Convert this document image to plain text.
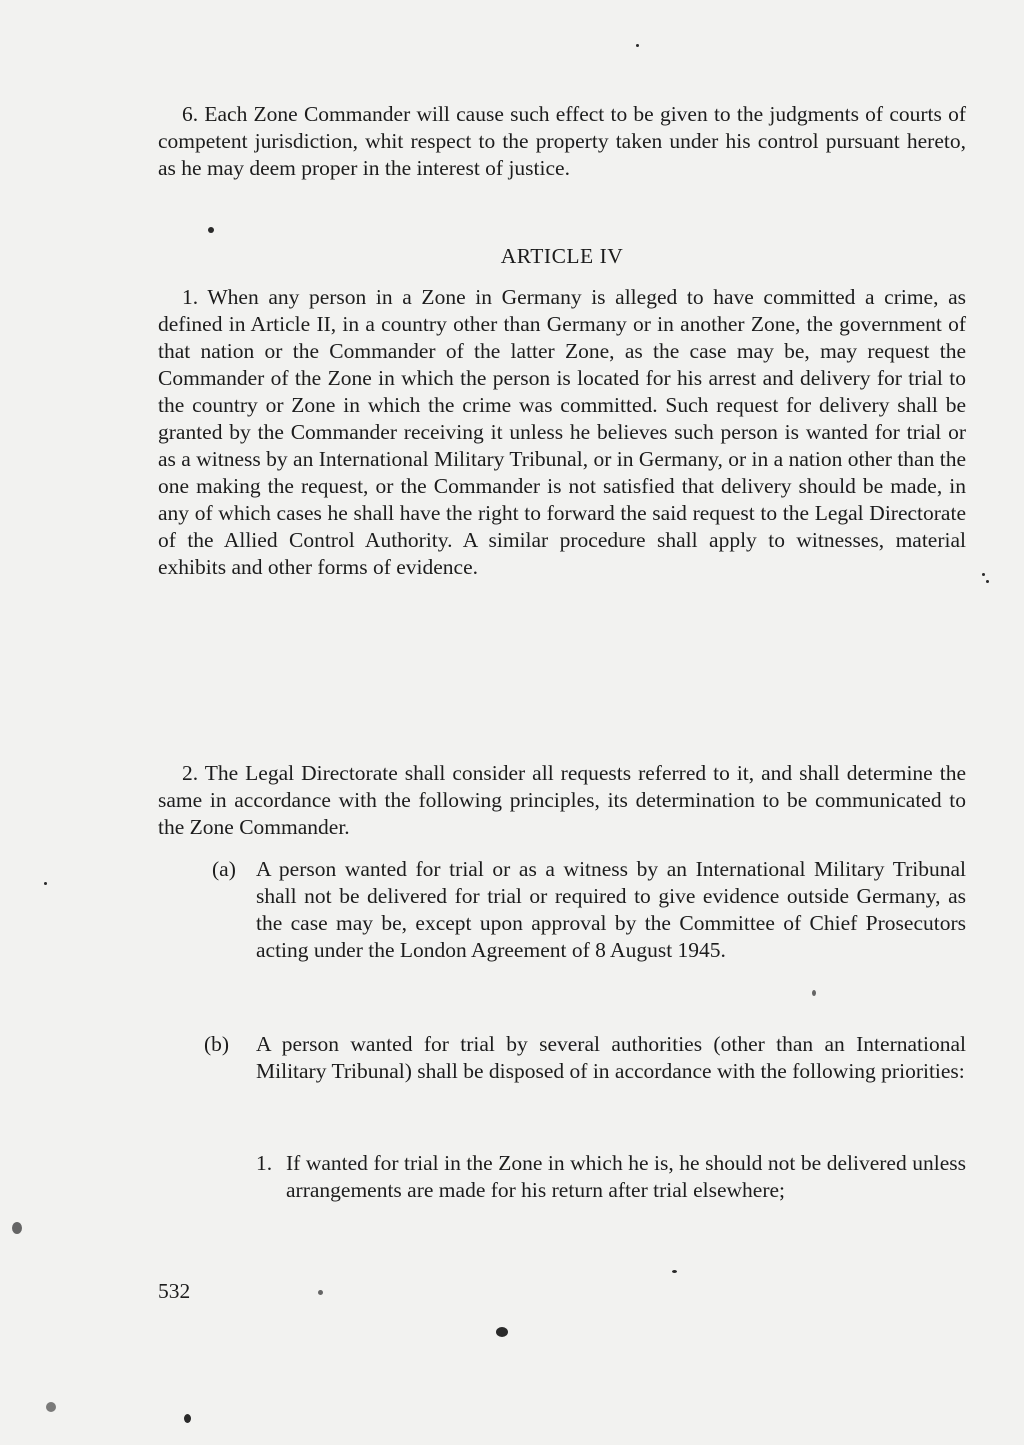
6. Each Zone Commander will cause such effect to be given to the judgments of courts of competent jurisdiction, whit respect to the property taken under his control pursuant hereto, as he may deem proper in the interest of justice.

ARTICLE IV

1. When any person in a Zone in Germany is alleged to have committed a crime, as defined in Article II, in a country other than Germany or in another Zone, the government of that nation or the Commander of the latter Zone, as the case may be, may request the Commander of the Zone in which the person is located for his arrest and delivery for trial to the country or Zone in which the crime was committed. Such request for delivery shall be granted by the Commander receiving it unless he believes such person is wanted for trial or as a witness by an International Military Tribunal, or in Germany, or in a nation other than the one making the request, or the Commander is not satisfied that delivery should be made, in any of which cases he shall have the right to forward the said request to the Legal Directorate of the Allied Control Authority. A similar procedure shall apply to witnesses, material exhibits and other forms of evidence.

2. The Legal Directorate shall consider all requests referred to it, and shall determine the same in accordance with the following principles, its determination to be communicated to the Zone Commander.

(a) A person wanted for trial or as a witness by an International Military Tribunal shall not be delivered for trial or required to give evidence outside Germany, as the case may be, except upon approval by the Committee of Chief Prosecutors acting under the London Agreement of 8 August 1945.
(b) A person wanted for trial by several authorities (other than an International Military Tribunal) shall be disposed of in accordance with the following priorities:
1. If wanted for trial in the Zone in which he is, he should not be delivered unless arrangements are made for his return after trial elsewhere;

532
